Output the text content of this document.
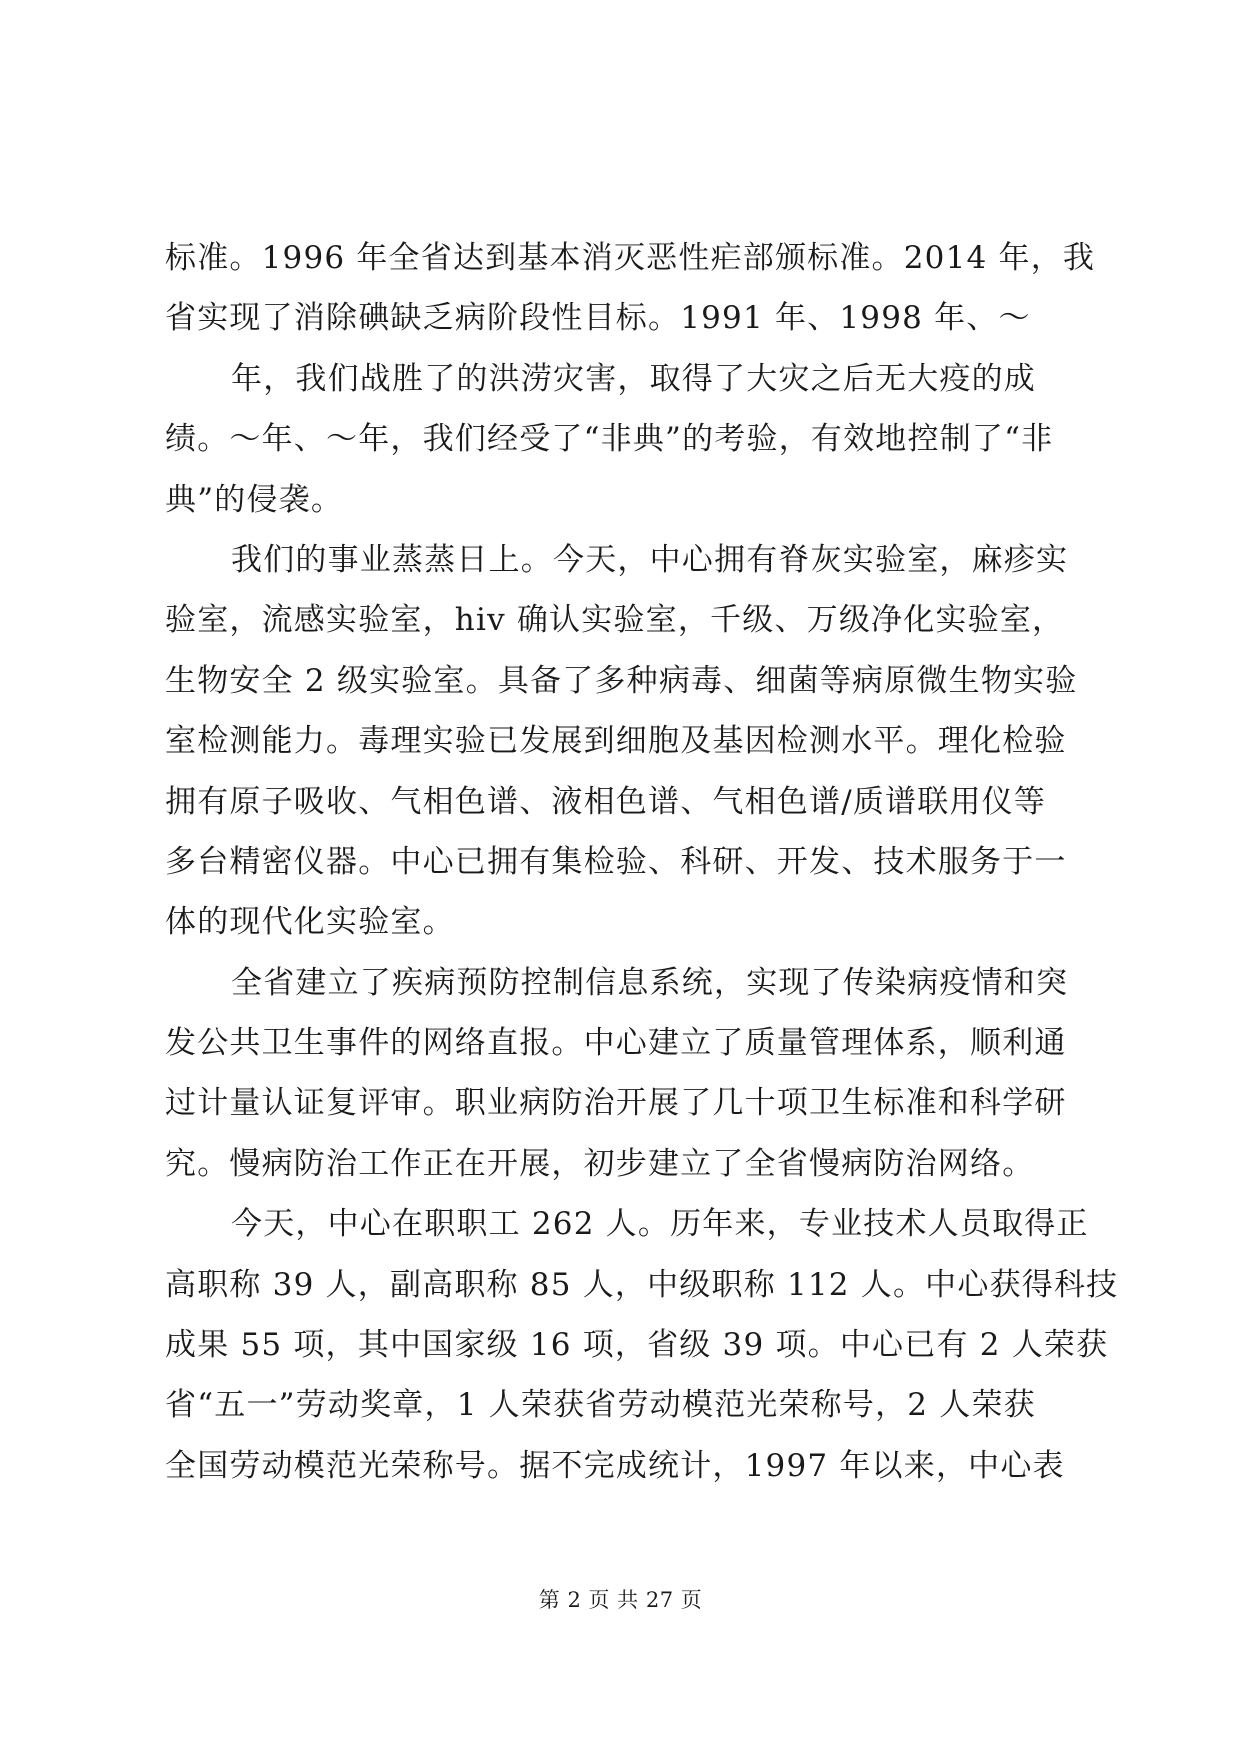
标准。1996 年全省达到基本消灭恶性疟部颁标准。2014 年，我
省实现了消除碘缺乏病阶段性目标。1991 年、1998 年、～
年，我们战胜了的洪涝灾害，取得了大灾之后无大疫的成
绩。～年、～年，我们经受了“非典”的考验，有效地控制了“非
典”的侵袭。
我们的事业蒸蒸日上。今天，中心拥有脊灰实验室，麻疹实
验室，流感实验室，hiv 确认实验室，千级、万级净化实验室，
生物安全 2 级实验室。具备了多种病毒、细菌等病原微生物实验
室检测能力。毒理实验已发展到细胞及基因检测水平。理化检验
拥有原子吸收、气相色谱、液相色谱、气相色谱/质谱联用仪等
多台精密仪器。中心已拥有集检验、科研、开发、技术服务于一
体的现代化实验室。
全省建立了疾病预防控制信息系统，实现了传染病疫情和突
发公共卫生事件的网络直报。中心建立了质量管理体系，顺利通
过计量认证复评审。职业病防治开展了几十项卫生标准和科学研
究。慢病防治工作正在开展，初步建立了全省慢病防治网络。
今天，中心在职职工 262 人。历年来，专业技术人员取得正
高职称 39 人，副高职称 85 人，中级职称 112 人。中心获得科技
成果 55 项，其中国家级 16 项，省级 39 项。中心已有 2 人荣获
省“五一”劳动奖章，1 人荣获省劳动模范光荣称号，2 人荣获
全国劳动模范光荣称号。据不完成统计，1997 年以来，中心表
第 2 页 共 27 页
